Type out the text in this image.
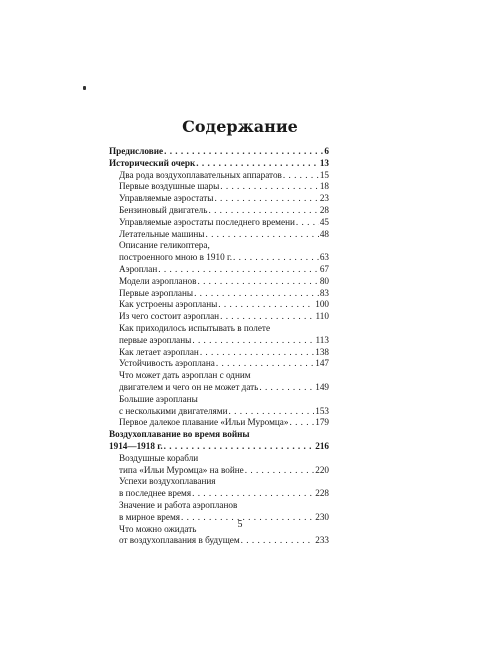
Содержание
Предисловие . . .	6
Исторический очерк . . .	13
Два рода воздухоплавательных аппаратов . . .	15
Первые воздушные шары . . .	18
Управляемые аэростаты . . .	23
Бензиновый двигатель . . .	28
Управляемые аэростаты последнего времени . . .	45
Летательные машины . . .	48
Описание геликоптера,
построенного мною в 1910 г. . . .	63
Аэроплан . . .	67
Модели аэропланов . . .	80
Первые аэропланы . . .	83
Как устроены аэропланы . . .	100
Из чего состоит аэроплан . . .	110
Как приходилось испытывать в полете
первые аэропланы . . .	113
Как летает аэроплан . . .	138
Устойчивость аэроплана . . .	147
Что может дать аэроплан с одним
двигателем и чего он не может дать . . .	149
Большие аэропланы
с несколькими двигателями . . .	153
Первое далекое плавание «Ильи Муромца» . . .	179
Воздухоплавание во время войны
1914—1918 г. . . .	216
Воздушные корабли
типа «Ильи Муромца» на войне . . .	220
Успехи воздухоплавания
в последнее время . . .	228
Значение и работа аэропланов
в мирное время . . .	230
Что можно ожидать
от воздухоплавания в будущем . . .	233
5
